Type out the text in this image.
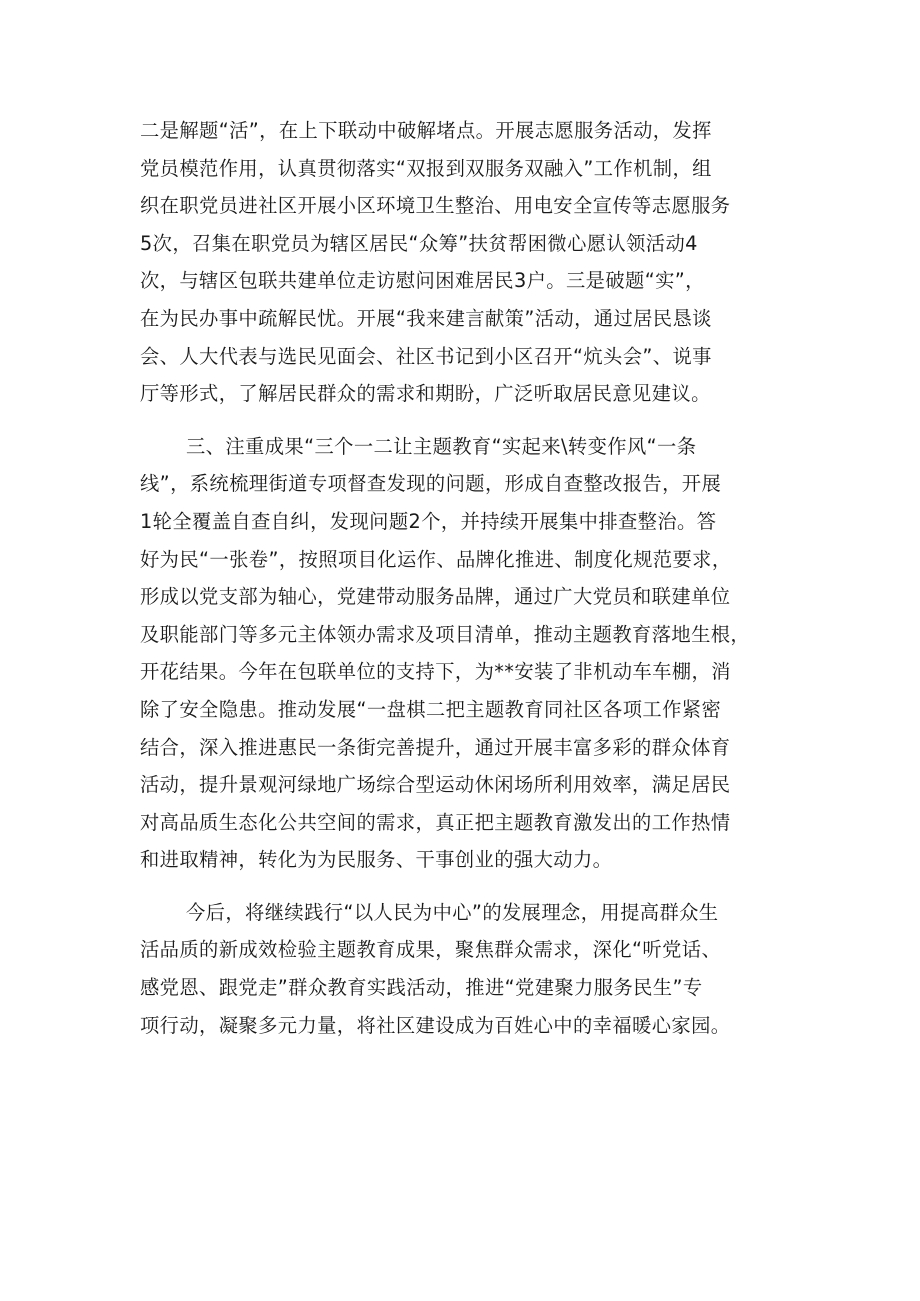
二是解题“活”，在上下联动中破解堵点。开展志愿服务活动，发挥
党员模范作用，认真贯彻落实“双报到双服务双融入”工作机制，组
织在职党员进社区开展小区环境卫生整治、用电安全宣传等志愿服务
5次，召集在职党员为辖区居民“众筹”扶贫帮困微心愿认领活动4
次，与辖区包联共建单位走访慰问困难居民3户。三是破题“实”，
在为民办事中疏解民忧。开展“我来建言献策”活动，通过居民恳谈
会、人大代表与选民见面会、社区书记到小区召开“炕头会”、说事
厅等形式，了解居民群众的需求和期盼，广泛听取居民意见建议。
三、注重成果“三个一二让主题教育“实起来\转变作风“一条
线”，系统梳理街道专项督查发现的问题，形成自查整改报告，开展
1轮全覆盖自查自纠，发现问题2个，并持续开展集中排查整治。答
好为民“一张卷”，按照项目化运作、品牌化推进、制度化规范要求，
形成以党支部为轴心，党建带动服务品牌，通过广大党员和联建单位
及职能部门等多元主体领办需求及项目清单，推动主题教育落地生根，
开花结果。今年在包联单位的支持下，为**安装了非机动车车棚，消
除了安全隐患。推动发展“一盘棋二把主题教育同社区各项工作紧密
结合，深入推进惠民一条街完善提升，通过开展丰富多彩的群众体育
活动，提升景观河绿地广场综合型运动休闲场所利用效率，满足居民
对高品质生态化公共空间的需求，真正把主题教育激发出的工作热情
和进取精神，转化为为民服务、干事创业的强大动力。
今后，将继续践行“以人民为中心”的发展理念，用提高群众生
活品质的新成效检验主题教育成果，聚焦群众需求，深化“听党话、
感党恩、跟党走”群众教育实践活动，推进“党建聚力服务民生”专
项行动，凝聚多元力量，将社区建设成为百姓心中的幸福暖心家园。
